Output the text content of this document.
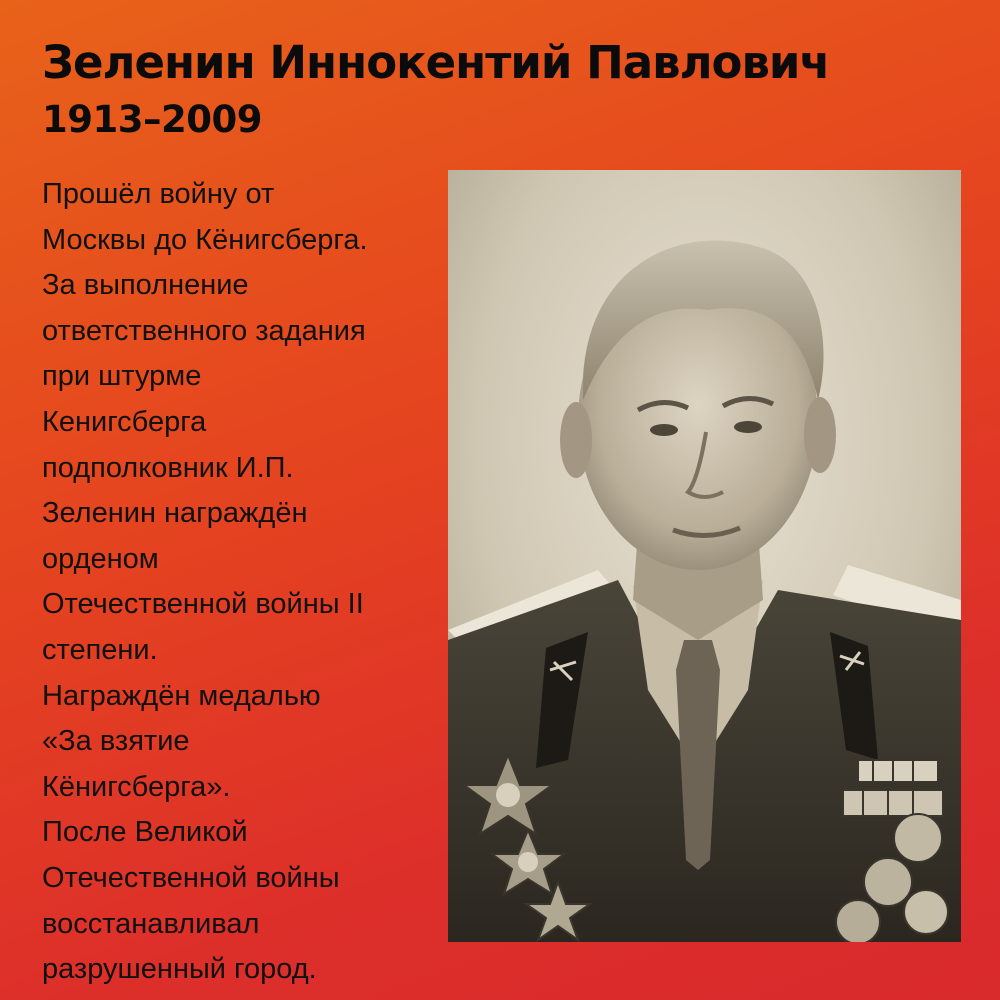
Зеленин Иннокентий Павлович
1913–2009
Прошёл войну от
Москвы до Кёнигсберга.
За выполнение
ответственного задания
при штурме
Кенигсберга
подполковник И.П.
Зеленин награждён
орденом
Отечественной войны II
степени.
Награждён медалью
«За взятие
Кёнигсберга».
После Великой
Отечественной войны
восстанавливал
разрушенный город.
